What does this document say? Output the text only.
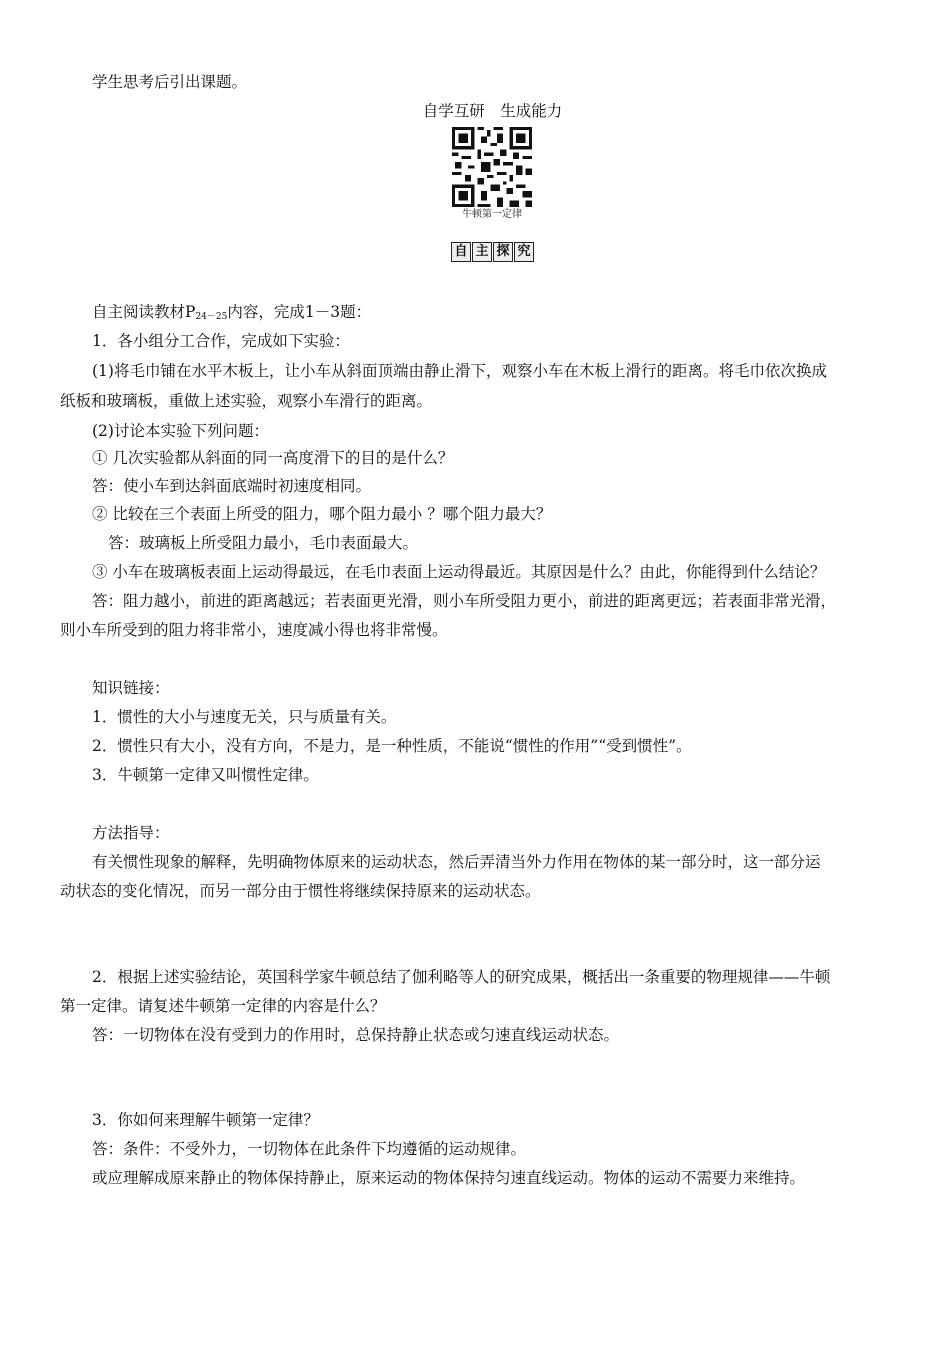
学生思考后引出课题。
自学互研　生成能力
牛顿第一定律
自 主 探 究
自主阅读教材$P_{24-25}$内容，完成1－3题：
1．各小组分工合作，完成如下实验：
(1)将毛巾铺在水平木板上，让小车从斜面顶端由静止滑下，观察小车在木板上滑行的距离。将毛巾依次换成
纸板和玻璃板，重做上述实验，观察小车滑行的距离。
(2)讨论本实验下列问题：
① 几次实验都从斜面的同一高度滑下的目的是什么？
答：使小车到达斜面底端时初速度相同。
② 比较在三个表面上所受的阻力，哪个阻力最小 ？哪个阻力最大？
答：玻璃板上所受阻力最小，毛巾表面最大。
③ 小车在玻璃板表面上运动得最远，在毛巾表面上运动得最近。其原因是什么？由此，你能得到什么结论？
答：阻力越小，前进的距离越远；若表面更光滑，则小车所受阻力更小，前进的距离更远；若表面非常光滑，
则小车所受到的阻力将非常小，速度减小得也将非常慢。
知识链接：
1．惯性的大小与速度无关，只与质量有关。
2．惯性只有大小，没有方向，不是力，是一种性质，不能说“惯性的作用”“受到惯性”。
3．牛顿第一定律又叫惯性定律。
方法指导：
有关惯性现象的解释，先明确物体原来的运动状态，然后弄清当外力作用在物体的某一部分时，这一部分运
动状态的变化情况，而另一部分由于惯性将继续保持原来的运动状态。
2．根据上述实验结论，英国科学家牛顿总结了伽利略等人的研究成果，概括出一条重要的物理规律——牛顿
第一定律。请复述牛顿第一定律的内容是什么？
答：一切物体在没有受到力的作用时，总保持静止状态或匀速直线运动状态。
3．你如何来理解牛顿第一定律？
答：条件：不受外力，一切物体在此条件下均遵循的运动规律。
或应理解成原来静止的物体保持静止，原来运动的物体保持匀速直线运动。物体的运动不需要力来维持。
